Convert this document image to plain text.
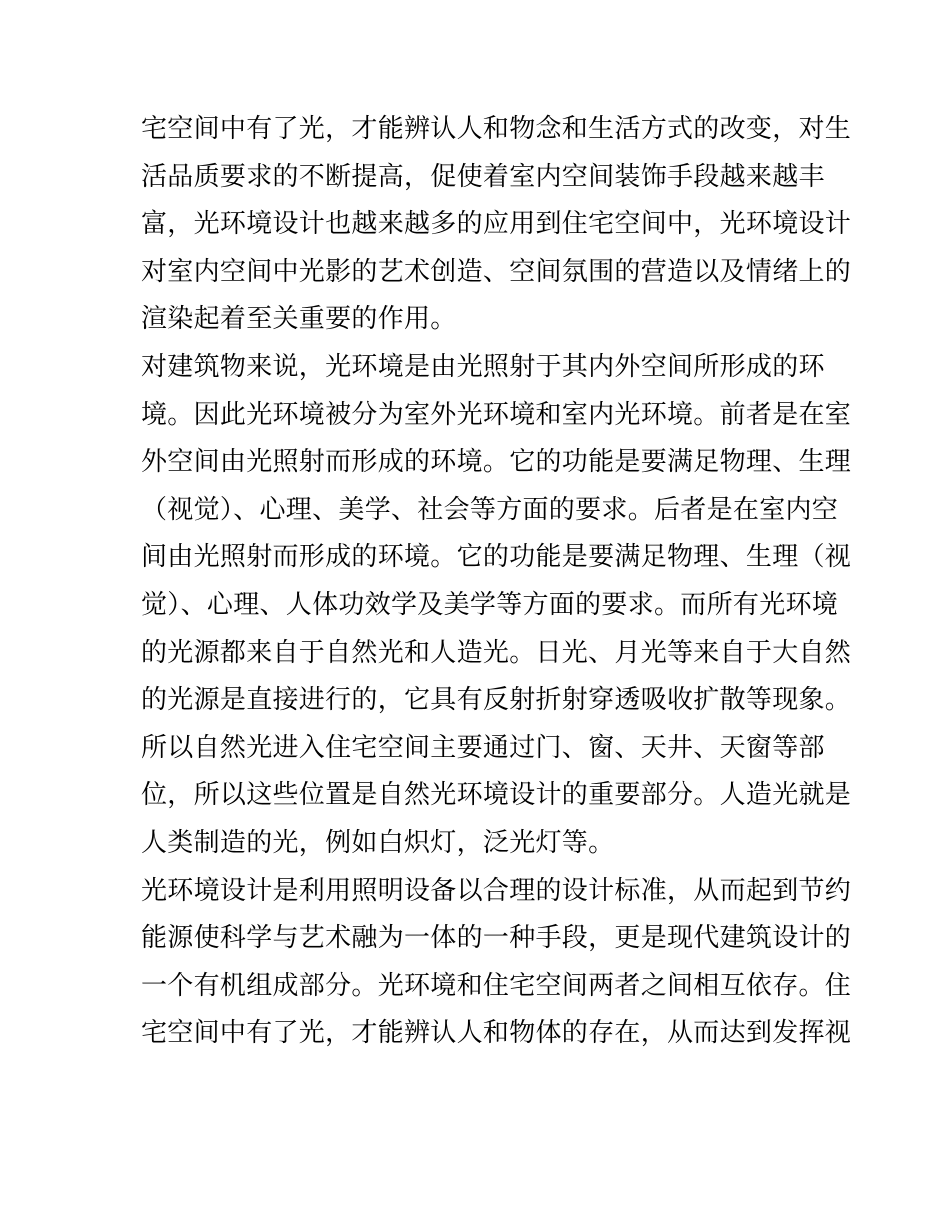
宅空间中有了光，才能辨认人和物念和生活方式的改变，对生
活品质要求的不断提高，促使着室内空间装饰手段越来越丰
富，光环境设计也越来越多的应用到住宅空间中，光环境设计
对室内空间中光影的艺术创造、空间氛围的营造以及情绪上的
渲染起着至关重要的作用。
对建筑物来说，光环境是由光照射于其内外空间所形成的环
境。因此光环境被分为室外光环境和室内光环境。前者是在室
外空间由光照射而形成的环境。它的功能是要满足物理、生理
（视觉）、心理、美学、社会等方面的要求。后者是在室内空
间由光照射而形成的环境。它的功能是要满足物理、生理（视
觉）、心理、人体功效学及美学等方面的要求。而所有光环境
的光源都来自于自然光和人造光。日光、月光等来自于大自然
的光源是直接进行的，它具有反射折射穿透吸收扩散等现象。
所以自然光进入住宅空间主要通过门、窗、天井、天窗等部
位，所以这些位置是自然光环境设计的重要部分。人造光就是
人类制造的光，例如白炽灯，泛光灯等。
光环境设计是利用照明设备以合理的设计标准，从而起到节约
能源使科学与艺术融为一体的一种手段，更是现代建筑设计的
一个有机组成部分。光环境和住宅空间两者之间相互依存。住
宅空间中有了光，才能辨认人和物体的存在，从而达到发挥视
